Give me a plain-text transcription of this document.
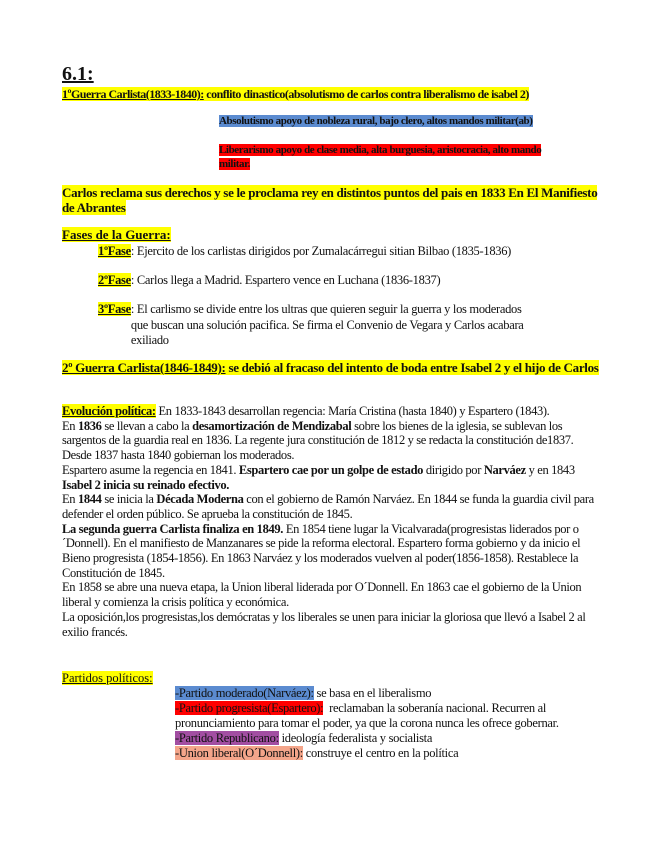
6.1:
1ºGuerra Carlista(1833-1840): conflito dinastico(absolutismo de carlos contra liberalismo de isabel 2)
Absolutismo apoyo de nobleza rural, bajo clero, altos mandos militar(ab)
Liberarismo apoyo de clase media, alta burguesia, aristocracia, alto mando militar.
Carlos reclama sus derechos y se le proclama rey en distintos puntos del pais en 1833 En El Manifiesto de Abrantes
Fases de la Guerra:
1ºFase: Ejercito de los carlistas dirigidos por Zumalacárregui sitian Bilbao (1835-1836)
2ºFase: Carlos llega a Madrid. Espartero vence en Luchana (1836-1837)
3ºFase: El carlismo se divide entre los ultras que quieren seguir la guerra y los moderados que buscan una solución pacifica. Se firma el Convenio de Vegara y Carlos acabara exiliado
2º Guerra Carlista(1846-1849): se debió al fracaso del intento de boda entre Isabel 2 y el hijo de Carlos

Evolución política: En 1833-1843 desarrollan regencia: María Cristina (hasta 1840) y Espartero (1843).

En 1836 se llevan a cabo la desamortización de Mendizabal sobre los bienes de la iglesia, se sublevan los sargentos de la guardia real en 1836. La regente jura constitución de 1812 y se redacta la constitución de1837. Desde 1837 hasta 1840 gobiernan los moderados.

Espartero asume la regencia en 1841. Espartero cae por un golpe de estado dirigido por Narváez y en 1843 Isabel 2 inicia su reinado efectivo.

En 1844 se inicia la Década Moderna con el gobierno de Ramón Narváez. En 1844 se funda la guardia civil para defender el orden público. Se aprueba la constitución de 1845.

La segunda guerra Carlista finaliza en 1849. En 1854 tiene lugar la Vicalvarada(progresistas liderados por o´Donnell). En el manifiesto de Manzanares se pide la reforma electoral. Espartero forma gobierno y da inicio el Bieno progresista (1854-1856). En 1863 Narváez y los moderados vuelven al poder(1856-1858). Restablece la Constitución de 1845.

En 1858 se abre una nueva etapa, la Union liberal liderada por O´Donnell. En 1863 cae el gobierno de la Union liberal y comienza la crisis política y económica.

La oposición,los progresistas,los demócratas y los liberales se unen para iniciar la gloriosa que llevó a Isabel 2 al exilio francés.

Partidos políticos:

-Partido moderado(Narváez): se basa en el liberalismo

-Partido progresista(Espartero): reclamaban la soberanía nacional. Recurren al pronunciamiento para tomar el poder, ya que la corona nunca les ofrece gobernar.

-Partido Republicano: ideología federalista y socialista

-Union liberal(O´Donnell): construye el centro en la política
